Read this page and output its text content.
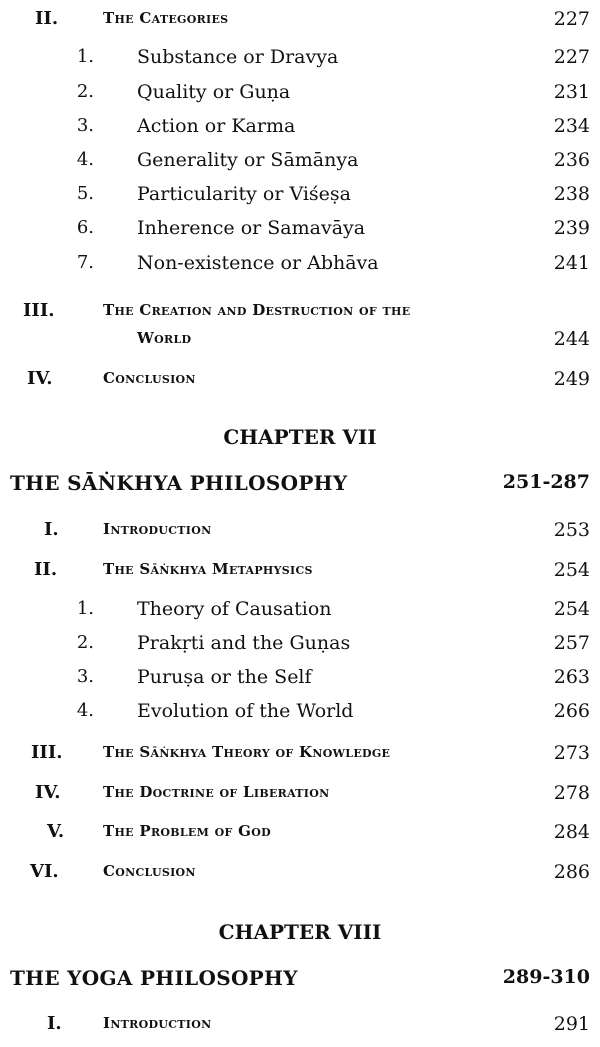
II.	The Categories	227
1. Substance or Dravya	227
2. Quality or Guṇa	231
3. Action or Karma	234
4. Generality or Sāmānya	236
5. Particularity or Viśeṣa	238
6. Inherence or Samavāya	239
7. Non-existence or Abhāva	241
III.	The Creation and Destruction of the
World	244
IV.	Conclusion	249
CHAPTER VII
THE SĀṄKHYA PHILOSOPHY	251-287
I.	Introduction	253
II.	The Sāṅkhya Metaphysics	254
1. Theory of Causation	254
2. Prakṛti and the Guṇas	257
3. Puruṣa or the Self	263
4. Evolution of the World	266
III.	The Sāṅkhya Theory of Knowledge	273
IV.	The Doctrine of Liberation	278
V.	The Problem of God	284
VI.	Conclusion	286
CHAPTER VIII
THE YOGA PHILOSOPHY	289-310
I.	Introduction	291
